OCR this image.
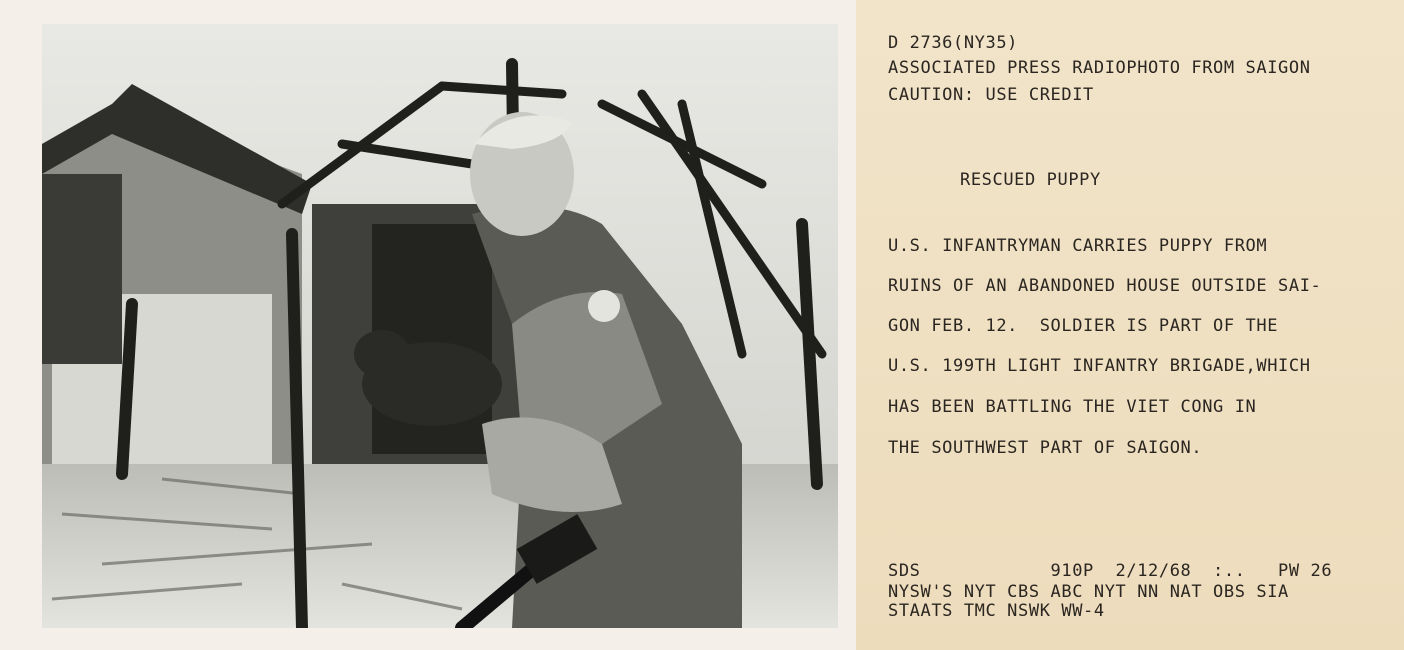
D 2736(NY35)
ASSOCIATED PRESS RADIOPHOTO FROM SAIGON
CAUTION: USE CREDIT
RESCUED PUPPY
U.S. INFANTRYMAN CARRIES PUPPY FROM
RUINS OF AN ABANDONED HOUSE OUTSIDE SAI-
GON FEB. 12.  SOLDIER IS PART OF THE
U.S. 199TH LIGHT INFANTRY BRIGADE,WHICH
HAS BEEN BATTLING THE VIET CONG IN
THE SOUTHWEST PART OF SAIGON.
SDS            910P  2/12/68  :..   PW 26
NYSW'S NYT CBS ABC NYT NN NAT OBS SIA
STAATS TMC NSWK WW-4
